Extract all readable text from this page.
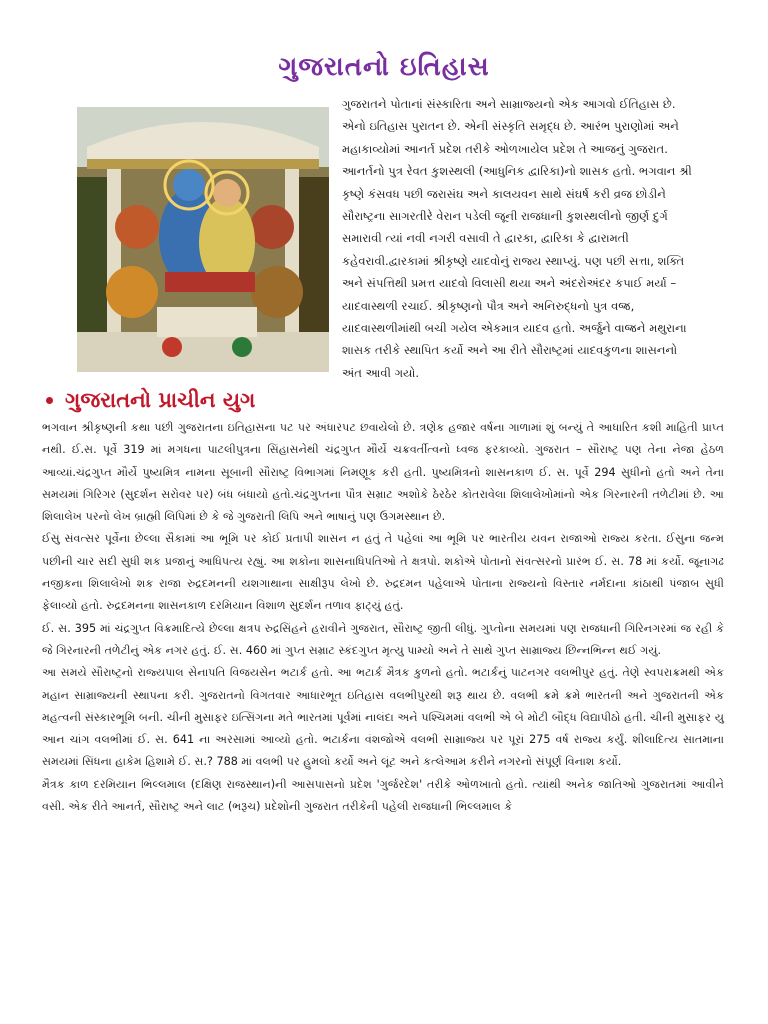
ગુજરાતનો ઇતિહાસ

ગુજરાતને પોતાનાં સંસ્કારિતા અને સામ્રાજ્યનો એક આગવો ઈતિહાસ છે. એનો ઇતિહાસ પુરાતન છે. એની સંસ્કૃતિ સમૃદ્ધ છે. આરંભ પુરાણોમાં અને મહાકાવ્યોમાં આનર્ત પ્રદેશ તરીકે ઓળખાયેલ પ્રદેશ તે આજનું ગુજરાત. આનર્તનો પુત્ર રેવત કુશસ્થલી (આધુનિક દ્વારિકા)નો શાસક હતો. ભગવાન શ્રી કૃષ્ણે કંસવધ પછી જરાસંઘ અને કાલયવન સાથે સંઘર્ષ કરી વ્રજ છોડીને સૌરાષ્ટ્રના સાગરતીરે વેરાન પડેલી જૂની રાજધાની કુશસ્થલીનો જીર્ણ દુર્ગ સમારાવી ત્યાં નવી નગરી વસાવી તે દ્વારકા, દ્વારિકા કે દ્વારામતી કહેવરાવી.દ્વારકામાં શ્રીકૃષ્ણે યાદવોનું રાજ્ય સ્થાપ્યું. પણ પછી સત્તા, શક્તિ અને સંપત્તિથી પ્રમત્ત યાદવો વિલાસી થયા અને અંદરોઅંદર કપાઈ મર્યા – યાદવાસ્થળી રચાઈ. શ્રીકૃષ્ણનો પૌત્ર અને અનિરુદ્ધનો પુત્ર વજ્ર, યાદવાસ્થળીમાંથી બચી ગયેલ એકમાત્ર યાદવ હતો. અર્જુને વાજ્રને મથુરાના શાસક તરીકે સ્થાપિત કર્યો અને આ રીતે સૌરાષ્ટ્રમાં યાદવકુળના શાસનનો અંત આવી ગયો.

ગુજરાતનો પ્રાચીન યુગ

ભગવાન શ્રીકૃષ્ણની કથા પછી ગુજરાતના ઇતિહાસના પટ પર અંધારપટ છવાયેલો છે. ત્રણેક હજાર વર્ષના ગાળામાં શું બન્યું તે આધારિત કશી માહિતી પ્રાપ્ત નથી. ઈ.સ. પૂર્વે 319 માં મગધના પાટલીપુત્રના સિંહાસનેથી ચંદ્રગુપ્ત મૌર્યે ચક્રવર્તીત્વનો ધ્વજ ફરકાવ્યો. ગુજરાત – સૌરાષ્ટ્ર પણ તેના નેજા હેઠળ આવ્યાં.ચંદ્રગુપ્ત મૌર્યે પુષ્યમિત્ર નામના સૂબાની સૌરાષ્ટ્ર વિભાગમાં નિમણૂક કરી હતી. પુષ્યમિત્રનો શાસનકાળ ઈ. સ. પૂર્વે 294 સુધીનો હતો અને તેના સમયમાં ગિરિગર (સુદર્શન સરોવર પર) બંધ બંધાયો હતો.ચંદ્રગુપ્તના પૌત્ર સમ્રાટ અશોકે ઠેરઠેર કોતરાવેલા શિલાલેખોમાંનો એક ગિરનારની તળેટીમાં છે. આ શિલાલેખ પરનો લેખ બ્રાહ્મી લિપિમાં છે કે જે ગુજરાતી લિપિ અને ભાષાનું પણ ઉગમસ્થાન છે.

ઈસુ સંવત્સર પૂર્વેના છેલ્લા સૈકામાં આ ભૂમિ પર કોઈ પ્રતાપી શાસન ન હતું તે પહેલાં આ ભૂમિ પર ભારતીય યવન રાજાઓ રાજ્ય કરતા. ઈસુના જન્મ પછીની ચાર સદી સુધી શક પ્રજાનું આધિપત્ય રહ્યું. આ શકોના શાસનાધિપતિઓ તે ક્ષત્રપો. શકોએ પોતાનો સંવત્સરનો પ્રારંભ ઈ. સ. 78 માં કર્યો. જૂનાગઢ નજીકના શિલાલેખો શક રાજા રુદ્રદમનની યશગાથાના સાક્ષીરૂપ લેખો છે. રુદ્રદમન પહેલાએ પોતાના રાજ્યનો વિસ્તાર નર્મદાના કાંઠાથી પંજાબ સુધી ફેલાવ્યો હતો. રુદ્રદમનના શાસનકાળ દરમિયાન વિશાળ સુદર્શન તળાવ ફાટ્યું હતું.

ઈ. સ. 395 માં ચંદ્રગુપ્ત વિક્રમાદિત્યે છેલ્લા ક્ષત્રપ રુદ્રસિંહને હરાવીને ગુજરાત, સૌરાષ્ટ્ર જીતી લીધું. ગુપ્તોના સમયમાં પણ રાજધાની ગિરિનગરમાં જ રહી કે જે ગિરનારની તળેટીનું એક નગર હતું. ઈ. સ. 460 માં ગુપ્ત સમ્રાટ સ્કંદગુપ્ત મૃત્યુ પામ્યો અને તે સાથે ગુપ્ત સામ્રાજ્ય છિન્નભિન્ન થઈ ગયું.

આ સમયે સૌરાષ્ટ્રનો રાજ્યપાલ સેનાપતિ વિજયસેન ભટાર્ક હતો. આ ભટાર્ક મૈત્રક કુળનો હતો. ભટાર્કનું પાટનગર વલભીપુર હતું. તેણે સ્વપરાક્રમથી એક મહાન સામ્રાજ્યની સ્થાપના કરી. ગુજરાતનો વિગતવાર આધારભૂત ઇતિહાસ વલભીપુરથી શરૂ થાય છે. વલભી ક્રમે ક્રમે ભારતની અને ગુજરાતની એક મહત્વની સંસ્કારભૂમિ બની. ચીની મુસાફર ઇત્સિંગના મતે ભારતમાં પૂર્વમાં નાલંદા અને પશ્ચિમમાં વલભી એ બે મોટી બૌદ્ધ વિદ્યાપીઠો હતી. ચીની મુસાફર યુ આન ચાંગ વલભીમાં ઈ. સ. 641 ના અરસામાં આવ્યો હતો. ભટાર્કના વંશજોએ વલભી સામ્રાજ્ય પર પૂરાં 275 વર્ષ રાજ્ય કર્યું. શીલાદિત્ય સાતમાના સમયમાં સિંધના હાકેમ હિશામે ઈ. સ.? 788 માં વલભી પર હુમલો કર્યો અને લૂંટ અને કત્લેઆમ કરીને નગરનો સંપૂર્ણ વિનાશ કર્યો.

મૈત્રક કાળ દરમિયાન ભિલ્લમાલ (દક્ષિણ રાજસ્થાન)ની આસપાસનો પ્રદેશ 'ગુર્જરદેશ' તરીકે ઓળખાતો હતો. ત્યાંથી અનેક જાતિઓ ગુજરાતમાં આવીને વસી. એક રીતે આનર્ત, સૌરાષ્ટ્ર અને લાટ (ભરૂચ) પ્રદેશોની ગુજરાત તરીકેની પહેલી રાજધાની ભિલ્લમાલ કે
